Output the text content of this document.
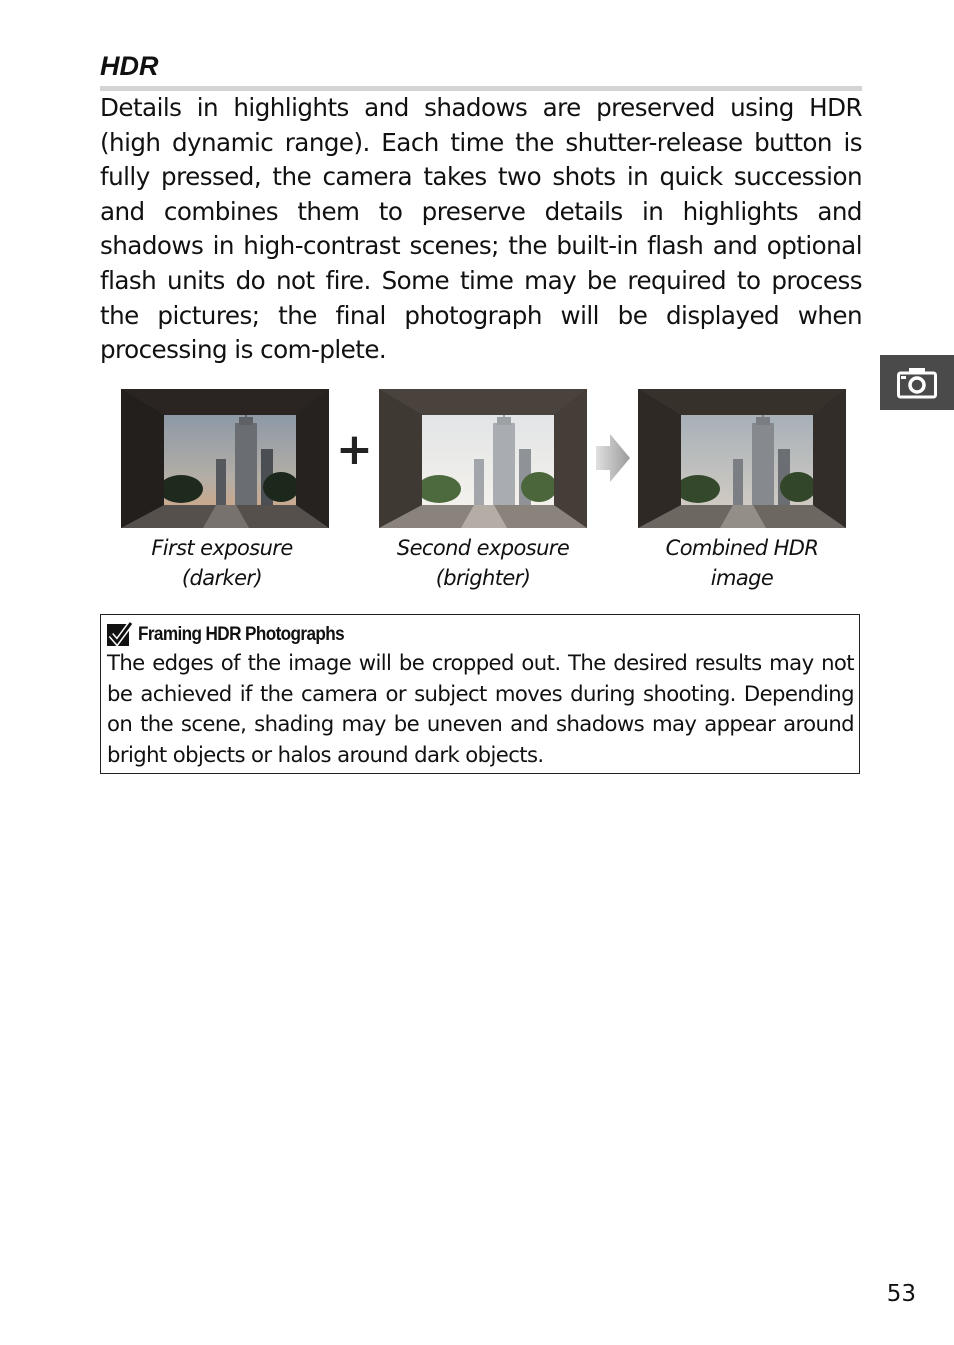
HDR
Details in highlights and shadows are preserved using HDR (high dynamic range). Each time the shutter-release button is fully pressed, the camera takes two shots in quick succession and combines them to preserve details in highlights and shadows in high-contrast scenes; the built-in flash and optional flash units do not fire. Some time may be required to process the pictures; the final photograph will be displayed when processing is com-plete.
+
First exposure
(darker)
Second exposure
(brighter)
Combined HDR
image
Framing HDR Photographs
The edges of the image will be cropped out. The desired results may not be achieved if the camera or subject moves during shooting. Depending on the scene, shading may be uneven and shadows may appear around bright objects or halos around dark objects.
53
